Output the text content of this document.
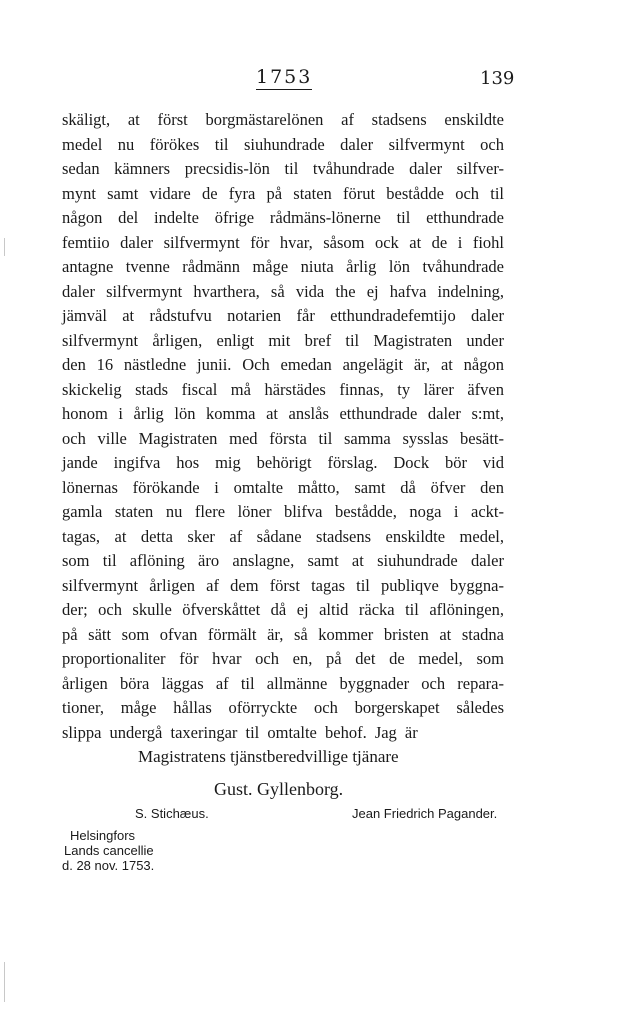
1753	139
skäligt, at först borgmästarelönen af stadsens enskildte
medel nu förökes til siuhundrade daler silfvermynt och
sedan kämners precsidis-lön til tvåhundrade daler silfver-
mynt samt vidare de fyra på staten förut bestådde och til
någon del indelte öfrige rådmäns-lönerne til etthundrade
femtiio daler silfvermynt för hvar, såsom ock at de i fiohl
antagne tvenne rådmänn måge niuta årlig lön tvåhundrade
daler silfvermynt hvarthera, så vida the ej hafva indelning,
jämväl at rådstufvu notarien får etthundradefemtijo daler
silfvermynt årligen, enligt mit bref til Magistraten under
den 16 nästledne junii. Och emedan angelägit är, at någon
skickelig stads fiscal må härstädes finnas, ty lärer äfven
honom i årlig lön komma at anslås etthundrade daler s:mt,
och ville Magistraten med första til samma sysslas besätt-
jande ingifva hos mig behörigt förslag. Dock bör vid
lönernas förökande i omtalte måtto, samt då öfver den
gamla staten nu flere löner blifva bestådde, noga i ackt-
tagas, at detta sker af sådane stadsens enskildte medel,
som til aflöning äro anslagne, samt at siuhundrade daler
silfvermynt årligen af dem först tagas til publiqve byggna-
der; och skulle öfverskåttet då ej altid räcka til aflöningen,
på sätt som ofvan förmält är, så kommer bristen at stadna
proportionaliter för hvar och en, på det de medel, som
årligen böra läggas af til allmänne byggnader och repara-
tioner, måge hållas oförryckte och borgerskapet således
slippa undergå taxeringar til omtalte behof. Jag är
Magistratens tjänstberedvillige tjänare
Gust. Gyllenborg.
S. Stichæus.	Jean Friedrich Pagander.
Helsingfors
Lands cancellie
d. 28 nov. 1753.
